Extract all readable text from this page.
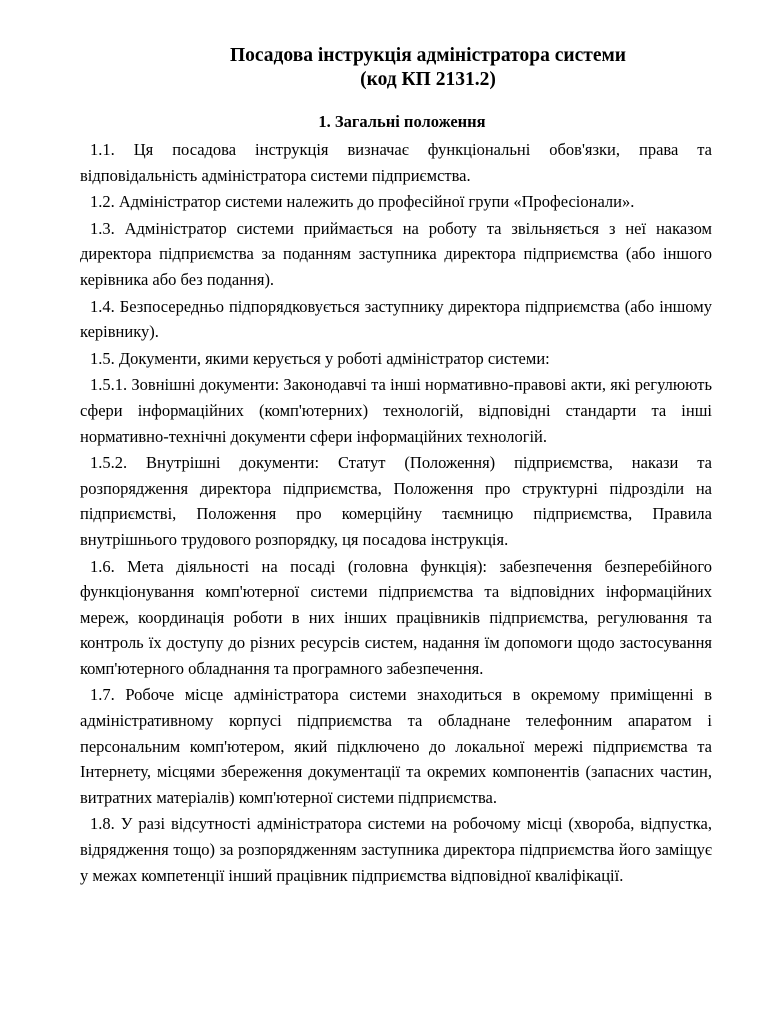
Посадова інструкція адміністратора системи
(код КП 2131.2)
1. Загальні положення

1.1. Ця посадова інструкція визначає функціональні обов'язки, права та відповідальність адміністратора системи підприємства.

1.2. Адміністратор системи належить до професійної групи «Професіонали».

1.3. Адміністратор системи приймається на роботу та звільняється з неї наказом директора підприємства за поданням заступника директора підприємства (або іншого керівника або без подання).

1.4. Безпосередньо підпорядковується заступнику директора підприємства (або іншому керівнику).

1.5. Документи, якими керується у роботі адміністратор системи:

1.5.1. Зовнішні документи: Законодавчі та інші нормативно-правові акти, які регулюють сфери інформаційних (комп'ютерних) технологій, відповідні стандарти та інші нормативно-технічні документи сфери інформаційних технологій.

1.5.2. Внутрішні документи: Статут (Положення) підприємства, накази та розпорядження директора підприємства, Положення про структурні підрозділи на підприємстві, Положення про комерційну таємницю підприємства, Правила внутрішнього трудового розпорядку, ця посадова інструкція.

1.6. Мета діяльності на посаді (головна функція): забезпечення безперебійного функціонування комп'ютерної системи підприємства та відповідних інформаційних мереж, координація роботи в них інших працівників підприємства, регулювання та контроль їх доступу до різних ресурсів систем, надання їм допомоги щодо застосування комп'ютерного обладнання та програмного забезпечення.

1.7. Робоче місце адміністратора системи знаходиться в окремому приміщенні в адміністративному корпусі підприємства та обладнане телефонним апаратом і персональним комп'ютером, який підключено до локальної мережі підприємства та Інтернету, місцями збереження документації та окремих компонентів (запасних частин, витратних матеріалів) комп'ютерної системи підприємства.

1.8. У разі відсутності адміністратора системи на робочому місці (хвороба, відпустка, відрядження тощо) за розпорядженням заступника директора підприємства його заміщує у межах компетенції інший працівник підприємства відповідної кваліфікації.
